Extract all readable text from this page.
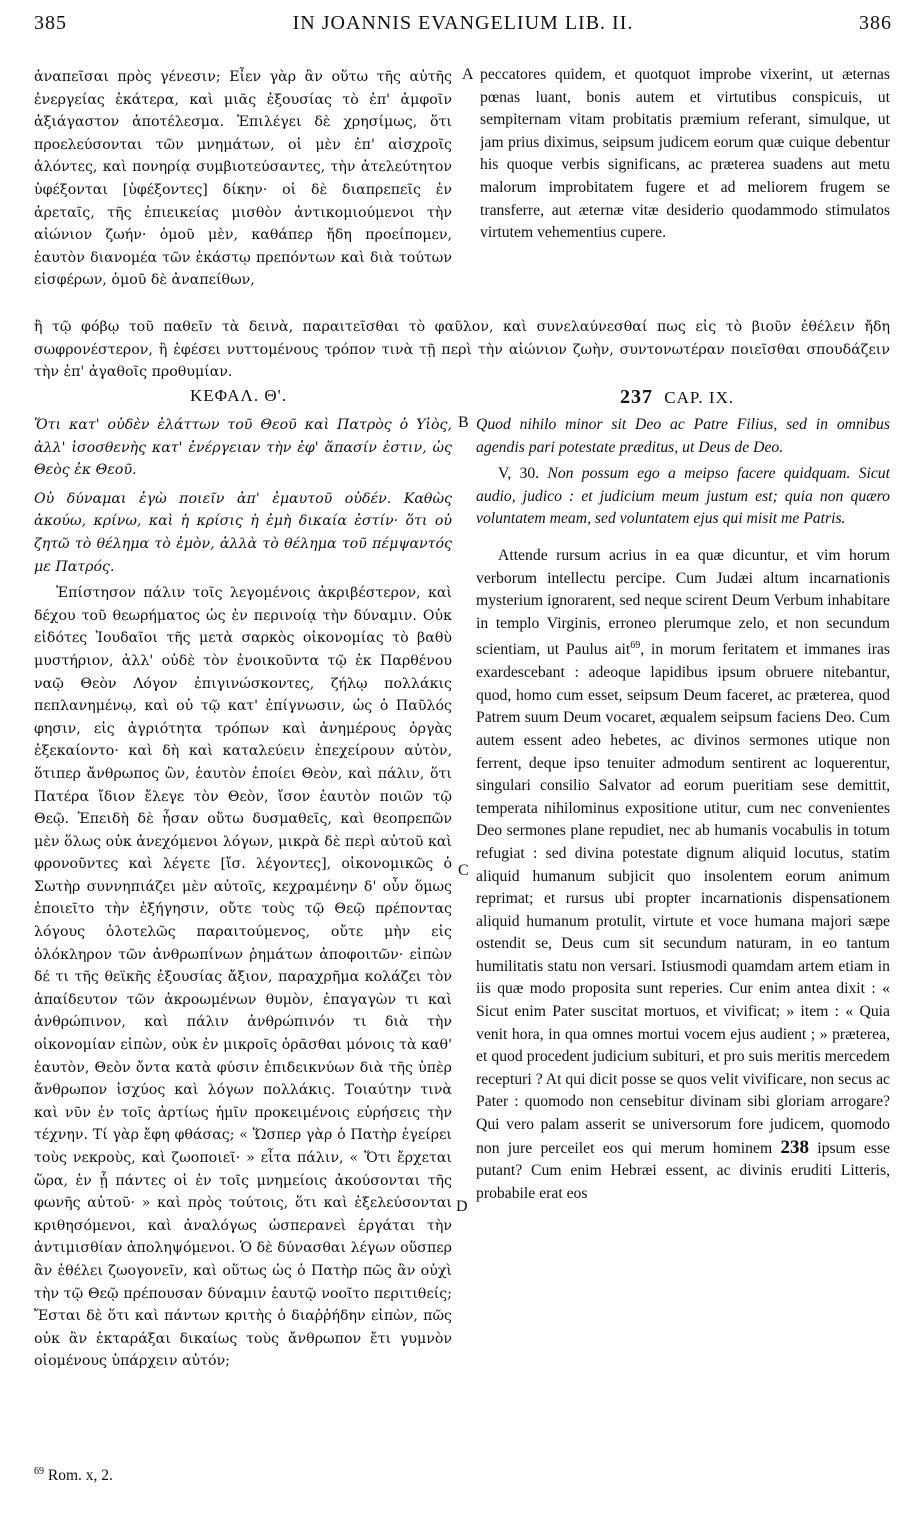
385	IN JOANNIS EVANGELIUM LIB. II.	386

ἀναπεῖσαι πρὸς γένεσιν; Εἶεν γὰρ ἂν οὕτω τῆς αὐτῆς ἐνεργείας ἑκάτερα, καὶ μιᾶς ἐξουσίας τὸ ἐπ' ἀμφοῖν ἀξιάγαστον ἀποτέλεσμα. Ἐπιλέγει δὲ χρησίμως, ὅτι προελεύσονται τῶν μνημάτων, οἱ μὲν ἐπ' αἰσχροῖς ἁλόντες, καὶ πονηρίᾳ συμβιοτεύσαντες, τὴν ἀτελεύτητον ὑφέξονται [ὑφέξοντες] δίκην· οἱ δὲ διαπρεπεῖς ἐν ἀρεταῖς, τῆς ἐπιεικείας μισθὸν ἀντικομιούμενοι τὴν αἰώνιον ζωήν· ὁμοῦ μὲν, καθάπερ ἤδη προείπομεν, ἑαυτὸν διανομέα τῶν ἑκάστῳ πρεπόντων καὶ διὰ τούτων εἰσφέρων, ὁμοῦ δὲ ἀναπείθων,

A peccatores quidem, et quotquot improbe vixerint, ut æternas pœnas luant, bonis autem et virtutibus conspicuis, ut sempiternam vitam probitatis præmium referant, simulque, ut jam prius diximus, seipsum judicem eorum quæ cuique debentur his quoque verbis significans, ac præterea suadens aut metu malorum improbitatem fugere et ad meliorem frugem se transferre, aut æternæ vitæ desiderio quodammodo stimulatos virtutem vehementius cupere.

ἢ τῷ φόβῳ τοῦ παθεῖν τὰ δεινὰ, παραιτεῖσθαι τὸ φαῦλον, καὶ συνελαύνεσθαί πως εἰς τὸ βιοῦν ἐθέλειν ἤδη σωφρονέστερον, ἢ ἐφέσει νυττομένους τρόπον τινὰ τῇ περὶ τὴν αἰώνιον ζωὴν, συντονωτέραν ποιεῖσθαι σπουδάζειν τὴν ἐπ' ἀγαθοῖς προθυμίαν.

ΚΕΦΑΛ. Θ'.	237 CAP. IX.

Ὅτι κατ' οὐδὲν ἐλάττων τοῦ Θεοῦ καὶ Πατρὸς ὁ Υἱὸς, ἀλλ' ἰσοσθενὴς κατ' ἐνέργειαν τὴν ἐφ' ἅπασίν ἐστιν, ὡς Θεὸς ἐκ Θεοῦ.

Οὐ δύναμαι ἐγὼ ποιεῖν ἀπ' ἐμαυτοῦ οὐδέν. Καθὼς ἀκούω, κρίνω, καὶ ἡ κρίσις ἡ ἐμὴ δικαία ἐστίν· ὅτι οὐ ζητῶ τὸ θέλημα τὸ ἐμὸν, ἀλλὰ τὸ θέλημα τοῦ πέμψαντός με Πατρός.

Ἐπίστησον πάλιν τοῖς λεγομένοις ἀκριβέστερον, καὶ δέχου τοῦ θεωρήματος ὡς ἐν περινοίᾳ τὴν δύναμιν. Οὐκ εἰδότες Ἰουδαῖοι τῆς μετὰ σαρκὸς οἰκονομίας τὸ βαθὺ μυστήριον, ἀλλ' οὐδὲ τὸν ἐνοικοῦντα τῷ ἐκ Παρθένου ναῷ Θεὸν Λόγον ἐπιγινώσκοντες, ζήλῳ πολλάκις πεπλανημένῳ, καὶ οὐ τῷ κατ' ἐπίγνωσιν, ὡς ὁ Παῦλός φησιν, εἰς ἀγριότητα τρόπων καὶ ἀνημέρους ὀργὰς ἐξεκαίοντο· καὶ δὴ καὶ καταλεύειν ἐπεχείρουν αὐτὸν, ὅτιπερ ἄνθρωπος ὢν, ἑαυτὸν ἐποίει Θεὸν, καὶ πάλιν, ὅτι Πατέρα ἴδιον ἔλεγε τὸν Θεὸν, ἴσον ἑαυτὸν ποιῶν τῷ Θεῷ. Ἐπειδὴ δὲ ἦσαν οὕτω δυσμαθεῖς, καὶ θεοπρεπῶν μὲν ὅλως οὐκ ἀνεχόμενοι λόγων, μικρὰ δὲ περὶ αὐτοῦ καὶ φρονοῦντες καὶ λέγετε [ἴσ. λέγοντες], οἰκονομικῶς ὁ Σωτὴρ συννηπιάζει μὲν αὐτοῖς, κεχραμένην δ' οὖν ὅμως ἐποιεῖτο τὴν ἐξήγησιν, οὔτε τοὺς τῷ Θεῷ πρέποντας λόγους ὁλοτελῶς παραιτούμενος, οὔτε μὴν εἰς ὁλόκληρον τῶν ἀνθρωπίνων ῥημάτων ἀποφοιτῶν· εἰπὼν δέ τι τῆς θεϊκῆς ἐξουσίας ἄξιον, παραχρῆμα κολάζει τὸν ἀπαίδευτον τῶν ἀκροωμένων θυμὸν, ἐπαγαγὼν τι καὶ ἀνθρώπινον, καὶ πάλιν ἀνθρώπινόν τι διὰ τὴν οἰκονομίαν εἰπὼν, οὐκ ἐν μικροῖς ὁρᾶσθαι μόνοις τὰ καθ' ἑαυτὸν, Θεὸν ὄντα κατὰ φύσιν ἐπιδεικνύων διὰ τῆς ὑπὲρ ἄνθρωπον ἰσχύος καὶ λόγων πολλάκις. Τοιαύτην τινὰ καὶ νῦν ἐν τοῖς ἀρτίως ἡμῖν προκειμένοις εὑρήσεις τὴν τέχνην. Τί γὰρ ἔφη φθάσας; « Ὥσπερ γὰρ ὁ Πατὴρ ἐγείρει τοὺς νεκροὺς, καὶ ζωοποιεῖ· » εἶτα πάλιν, « Ὅτι ἔρχεται ὥρα, ἐν ᾗ πάντες οἱ ἐν τοῖς μνημείοις ἀκούσονται τῆς φωνῆς αὐτοῦ· » καὶ πρὸς τούτοις, ὅτι καὶ ἐξελεύσονται κριθησόμενοι, καὶ ἀναλόγως ὡσπερανεὶ ἐργάται τὴν ἀντιμισθίαν ἀποληψόμενοι. Ὁ δὲ δύνασθαι λέγων οὕσπερ ἂν ἐθέλει ζωογονεῖν, καὶ οὕτως ὡς ὁ Πατὴρ πῶς ἂν οὐχὶ τὴν τῷ Θεῷ πρέπουσαν δύναμιν ἑαυτῷ νοοῖτο περιτιθείς; Ἔσται δὲ ὅτι καὶ πάντων κριτὴς ὁ διαῤῥήδην εἰπὼν, πῶς οὐκ ἂν ἐκταράξαι δικαίως τοὺς ἄνθρωπον ἔτι γυμνὸν οἰομένους ὑπάρχειν αὐτόν;

B
C
D

Quod nihilo minor sit Deo ac Patre Filius, sed in omnibus agendis pari potestate præditus, ut Deus de Deo.

V, 30. Non possum ego a meipso facere quidquam. Sicut audio, judico : et judicium meum justum est; quia non quæro voluntatem meam, sed voluntatem ejus qui misit me Patris.

Attende rursum acrius in ea quæ dicuntur, et vim horum verborum intellectu percipe. Cum Judæi altum incarnationis mysterium ignorarent, sed neque scirent Deum Verbum inhabitare in templo Virginis, erroneo plerumque zelo, et non secundum scientiam, ut Paulus ait$^{69}$, in morum feritatem et immanes iras exardescebant : adeoque lapidibus ipsum obruere nitebantur, quod, homo cum esset, seipsum Deum faceret, ac præterea, quod Patrem suum Deum vocaret, æqualem seipsum faciens Deo. Cum autem essent adeo hebetes, ac divinos sermones utique non ferrent, deque ipso tenuiter admodum sentirent ac loquerentur, singulari consilio Salvator ad eorum pueritiam sese demittit, temperata nihilominus expositione utitur, cum nec convenientes Deo sermones plane repudiet, nec ab humanis vocabulis in totum refugiat : sed divina potestate dignum aliquid locutus, statim aliquid humanum subjicit quo insolentem eorum animum reprimat; et rursus ubi propter incarnationis dispensationem aliquid humanum protulit, virtute et voce humana majori sæpe ostendit se, Deus cum sit secundum naturam, in eo tantum humilitatis statu non versari. Istiusmodi quamdam artem etiam in iis quæ modo proposita sunt reperies. Cur enim antea dixit : « Sicut enim Pater suscitat mortuos, et vivificat; » item : « Quia venit hora, in qua omnes mortui vocem ejus audient ; » præterea, et quod procedent judicium subituri, et pro suis meritis mercedem recepturi ? At qui dicit posse se quos velit vivificare, non secus ac Pater : quomodo non censebitur divinam sibi gloriam arrogare? Qui vero palam asserit se universorum fore judicem, quomodo non jure perceilet eos qui merum hominem 238 ipsum esse putant? Cum enim Hebræi essent, ac divinis eruditi Litteris, probabile erat eos

$^{69}$ Rom. x, 2.
